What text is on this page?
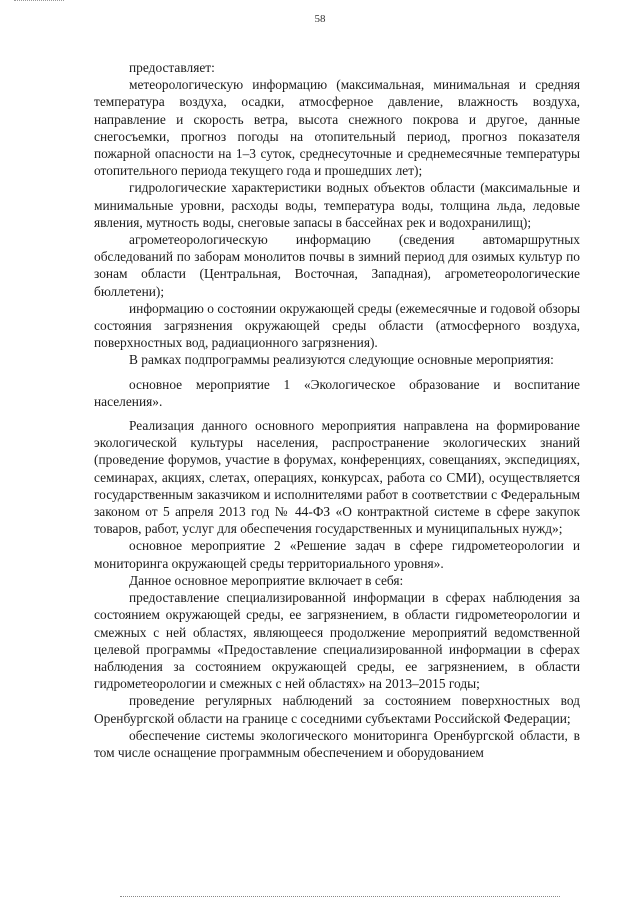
58

предоставляет:

метеорологическую информацию (максимальная, минимальная и средняя температура воздуха, осадки, атмосферное давление, влажность воздуха, направление и скорость ветра, высота снежного покрова и другое, данные снегосъемки, прогноз погоды на отопительный период, прогноз показателя пожарной опасности на 1–3 суток, среднесуточные и среднемесячные температуры отопительного периода текущего года и прошедших лет);

гидрологические характеристики водных объектов области (максимальные и минимальные уровни, расходы воды, температура воды, толщина льда, ледовые явления, мутность воды, снеговые запасы в бассейнах рек и водохранилищ);

агрометеорологическую информацию (сведения автомаршрутных обследований по заборам монолитов почвы в зимний период для озимых культур по зонам области (Центральная, Восточная, Западная), агрометеорологические бюллетени);

информацию о состоянии окружающей среды (ежемесячные и годовой обзоры состояния загрязнения окружающей среды области (атмосферного воздуха, поверхностных вод, радиационного загрязнения).

В рамках подпрограммы реализуются следующие основные мероприятия:

основное мероприятие 1 «Экологическое образование и воспитание населения».

Реализация данного основного мероприятия направлена на формирование экологической культуры населения, распространение экологических знаний (проведение форумов, участие в форумах, конференциях, совещаниях, экспедициях, семинарах, акциях, слетах, операциях, конкурсах, работа со СМИ), осуществляется государственным заказчиком и исполнителями работ в соответствии с Федеральным законом от 5 апреля 2013 год № 44-ФЗ «О контрактной системе в сфере закупок товаров, работ, услуг для обеспечения государственных и муниципальных нужд»;

основное мероприятие 2 «Решение задач в сфере гидрометеорологии и мониторинга окружающей среды территориального уровня».

Данное основное мероприятие включает в себя:

предоставление специализированной информации в сферах наблюдения за состоянием окружающей среды, ее загрязнением, в области гидрометеорологии и смежных с ней областях, являющееся продолжение мероприятий ведомственной целевой программы «Предоставление специализированной информации в сферах наблюдения за состоянием окружающей среды, ее загрязнением, в области гидрометеорологии и смежных с ней областях» на 2013–2015 годы;

проведение регулярных наблюдений за состоянием поверхностных вод Оренбургской области на границе с соседними субъектами Российской Федерации;

обеспечение системы экологического мониторинга Оренбургской области, в том числе оснащение программным обеспечением и оборудованием
